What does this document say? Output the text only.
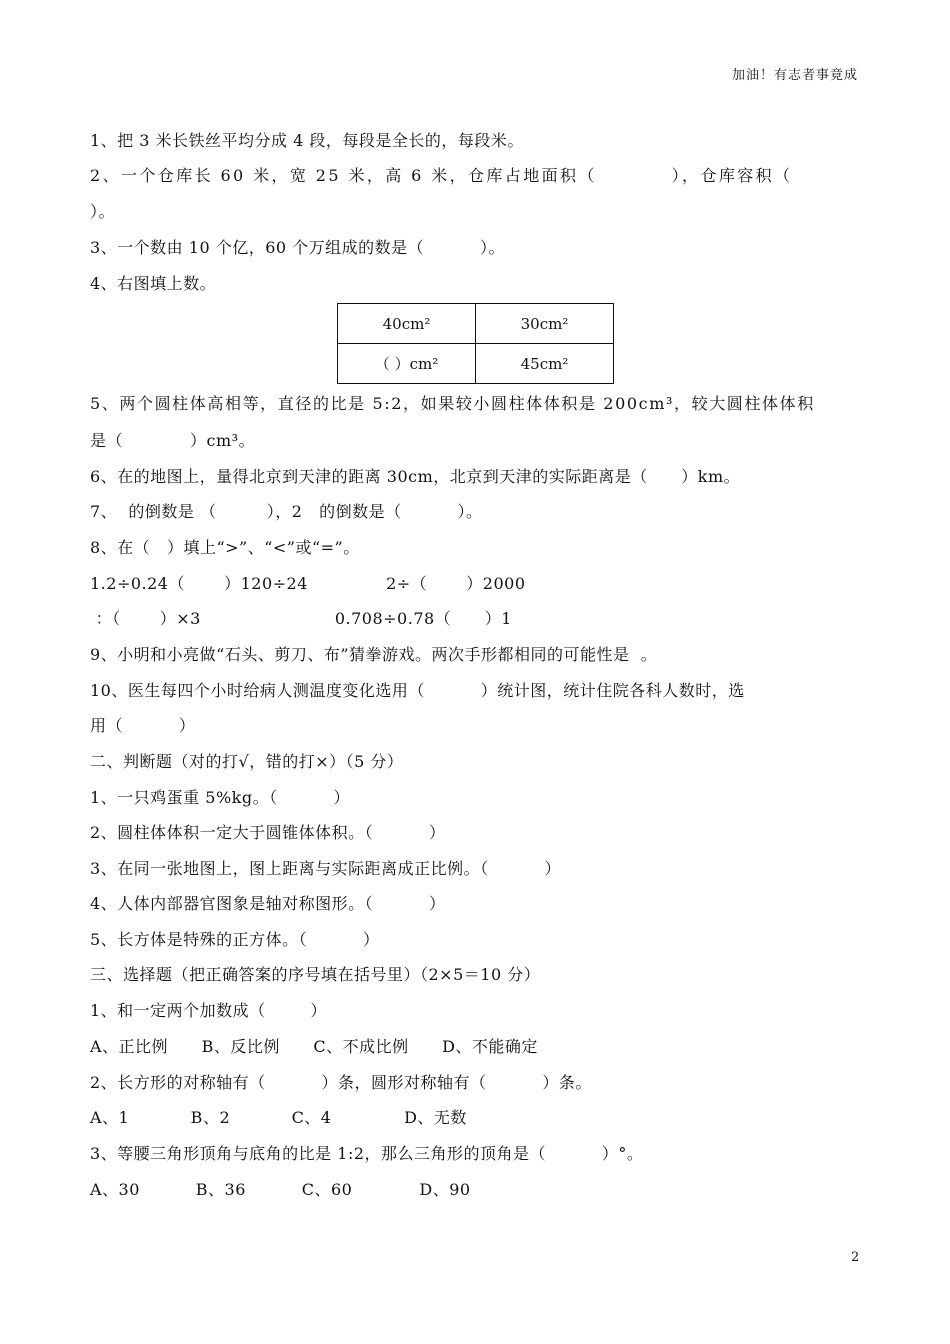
加油！有志者事竟成
1、把 3 米长铁丝平均分成 4 段，每段是全长的，每段米。
2、一个仓库长 60 米，宽 25 米，高 6 米，仓库占地面积（          ），仓库容积（
）。
3、一个数由 10 个亿，60 个万组成的数是（          ）。
4、右图填上数。
40cm²	30cm²
（ ）cm²	45cm²
5、两个圆柱体高相等，直径的比是 5:2，如果较小圆柱体体积是 200cm³，较大圆柱体体积
是（            ）cm³。
6、在的地图上，量得北京到天津的距离 30cm，北京到天津的实际距离是（      ）km。
7、  的倒数是 （         ），2   的倒数是（          ）。
8、在（   ）填上“>”、“<”或“=”。
1.2÷0.24（       ）120÷24              2÷（       ）2000
：（       ）×3                        0.708÷0.78（      ）1
9、小明和小亮做“石头、剪刀、布”猜拳游戏。两次手形都相同的可能性是  。
10、医生每四个小时给病人测温度变化选用（          ）统计图，统计住院各科人数时，选
用（          ）
二、判断题（对的打√，错的打×）（5 分）
1、一只鸡蛋重 5%kg。（          ）
2、圆柱体体积一定大于圆锥体体积。（          ）
3、在同一张地图上，图上距离与实际距离成正比例。（          ）
4、人体内部器官图象是轴对称图形。（          ）
5、长方体是特殊的正方体。（          ）
三、选择题（把正确答案的序号填在括号里）（2×5＝10 分）
1、和一定两个加数成（        ）
A、正比例      B、反比例      C、不成比例      D、不能确定
2、长方形的对称轴有（          ）条，圆形对称轴有（          ）条。
A、1           B、2           C、4             D、无数
3、等腰三角形顶角与底角的比是 1:2，那么三角形的顶角是（          ）°。
A、30          B、36          C、60            D、90
2
